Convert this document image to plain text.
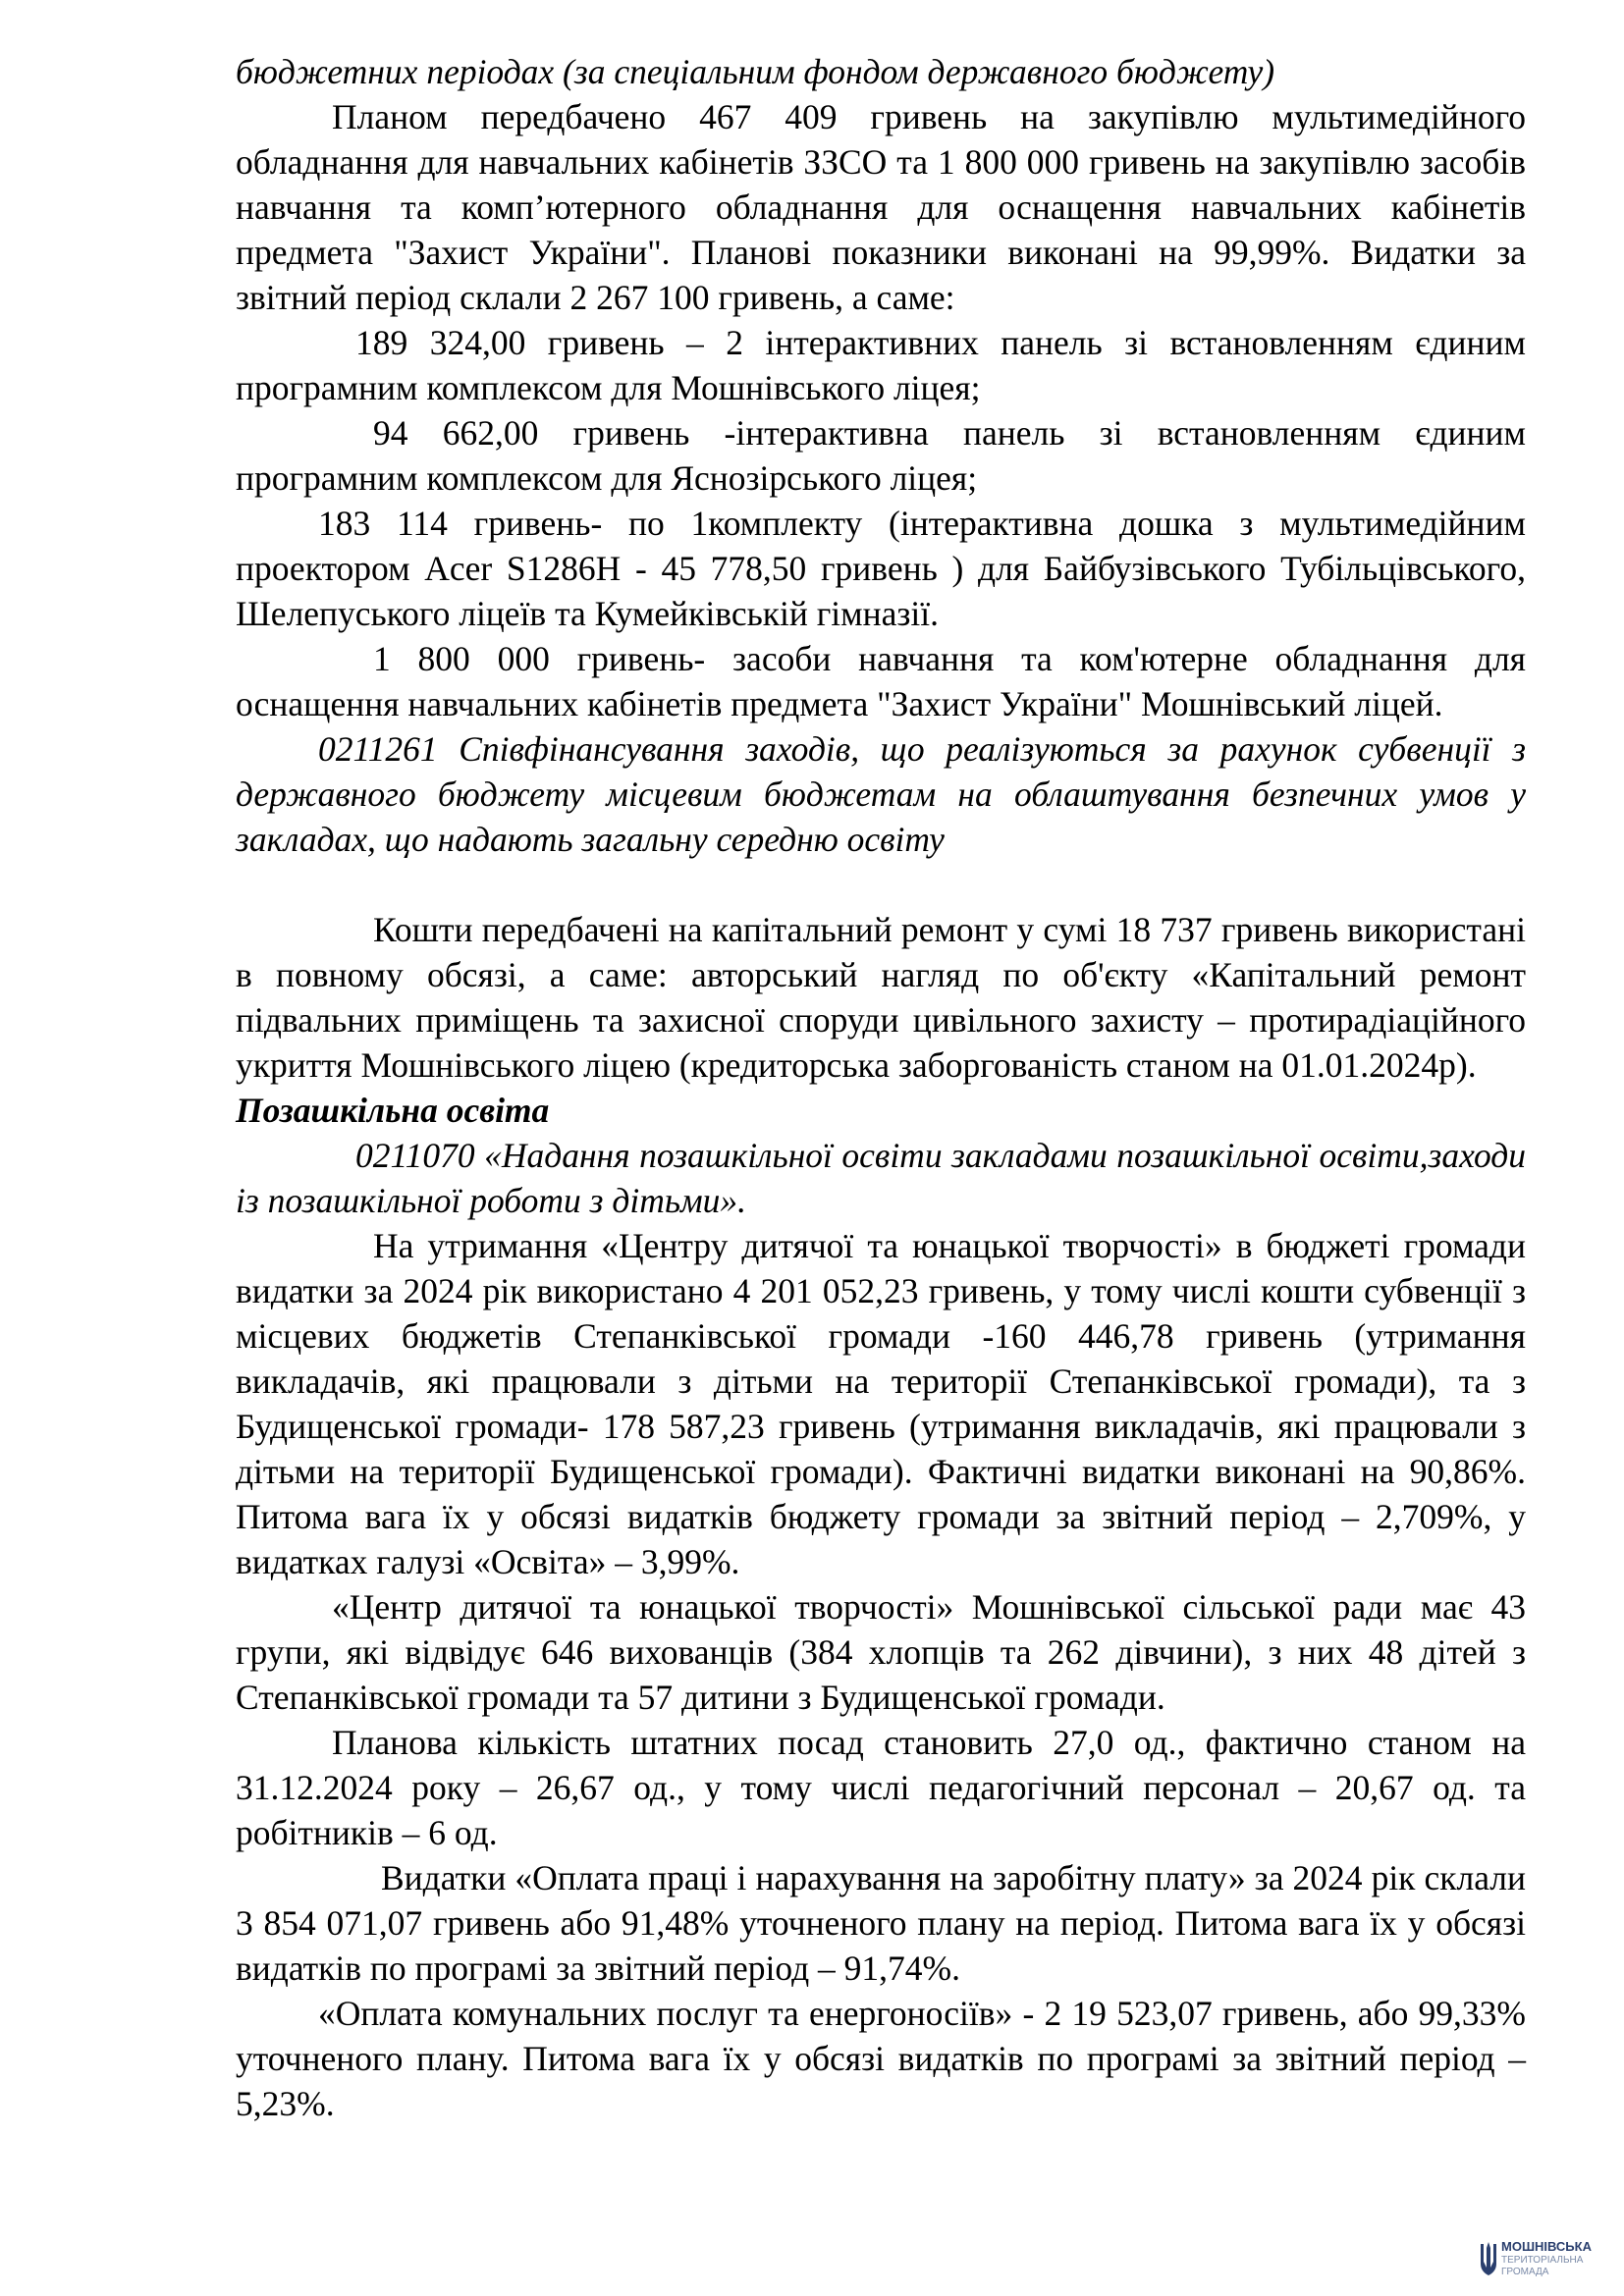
бюджетних періодах (за спеціальним фондом державного бюджету)

Планом передбачено 467 409 гривень на закупівлю мультимедійного обладнання для навчальних кабінетів ЗЗСО та 1 800 000 гривень на закупівлю засобів навчання та комп’ютерного обладнання для оснащення навчальних кабінетів предмета "Захист України". Планові показники виконані на 99,99%. Видатки за звітний період склали 2 267 100 гривень, а саме:

189 324,00 гривень – 2 інтерактивних панель зі встановленням єдиним програмним комплексом для Мошнівського ліцея;

94 662,00 гривень -інтерактивна панель зі встановленням єдиним програмним комплексом для Яснозірського ліцея;

183 114 гривень- по 1комплекту (інтерактивна дошка з мультимедійним проектором Acer S1286H - 45 778,50 гривень ) для Байбузівського Тубільцівського, Шелепуського ліцеїв та Кумейківській гімназії.

1 800 000 гривень- засоби навчання та ком'ютерне обладнання для оснащення навчальних кабінетів предмета "Захист України" Мошнівський ліцей.

0211261 Співфінансування заходів, що реалізуються за рахунок субвенції з державного бюджету місцевим бюджетам на облаштування безпечних умов у закладах, що надають загальну середню освіту

Кошти передбачені на капітальний ремонт у сумі 18 737 гривень використані в повному обсязі, а саме: авторський нагляд по об'єкту «Капітальний ремонт підвальних приміщень та захисної споруди цивільного захисту – протирадіаційного укриття Мошнівського ліцею (кредиторська заборгованість станом на 01.01.2024р).

Позашкільна освіта

0211070 «Надання позашкільної освіти закладами позашкільної освіти,заходи із позашкільної роботи з дітьми».

На утримання «Центру дитячої та юнацької творчості» в бюджеті громади видатки за 2024 рік використано 4 201 052,23 гривень, у тому числі кошти субвенції з місцевих бюджетів Степанківської громади -160 446,78 гривень (утримання викладачів, які працювали з дітьми на території Степанківської громади), та з Будищенської громади- 178 587,23 гривень (утримання викладачів, які працювали з дітьми на території Будищенської громади). Фактичні видатки виконані на 90,86%. Питома вага їх у обсязі видатків бюджету громади за звітний період – 2,709%, у видатках галузі «Освіта» – 3,99%.

«Центр дитячої та юнацької творчості» Мошнівської сільської ради має 43 групи, які відвідує 646 вихованців (384 хлопців та 262 дівчини), з них 48 дітей з Степанківської громади та 57 дитини з Будищенської громади.

Планова кількість штатних посад становить 27,0 од., фактично станом на 31.12.2024 року – 26,67 од., у тому числі педагогічний персонал – 20,67 од. та робітників – 6 од.

Видатки «Оплата праці і нарахування на заробітну плату» за 2024 рік склали 3 854 071,07 гривень або 91,48% уточненого плану на період. Питома вага їх у обсязі видатків по програмі за звітний період – 91,74%.

«Оплата комунальних послуг та енергоносіїв» - 2 19 523,07 гривень, або 99,33% уточненого плану. Питома вага їх у обсязі видатків по програмі за звітний період – 5,23%.

МОШНІВСЬКА
ТЕРИТОРІАЛЬНА
ГРОМАДА
